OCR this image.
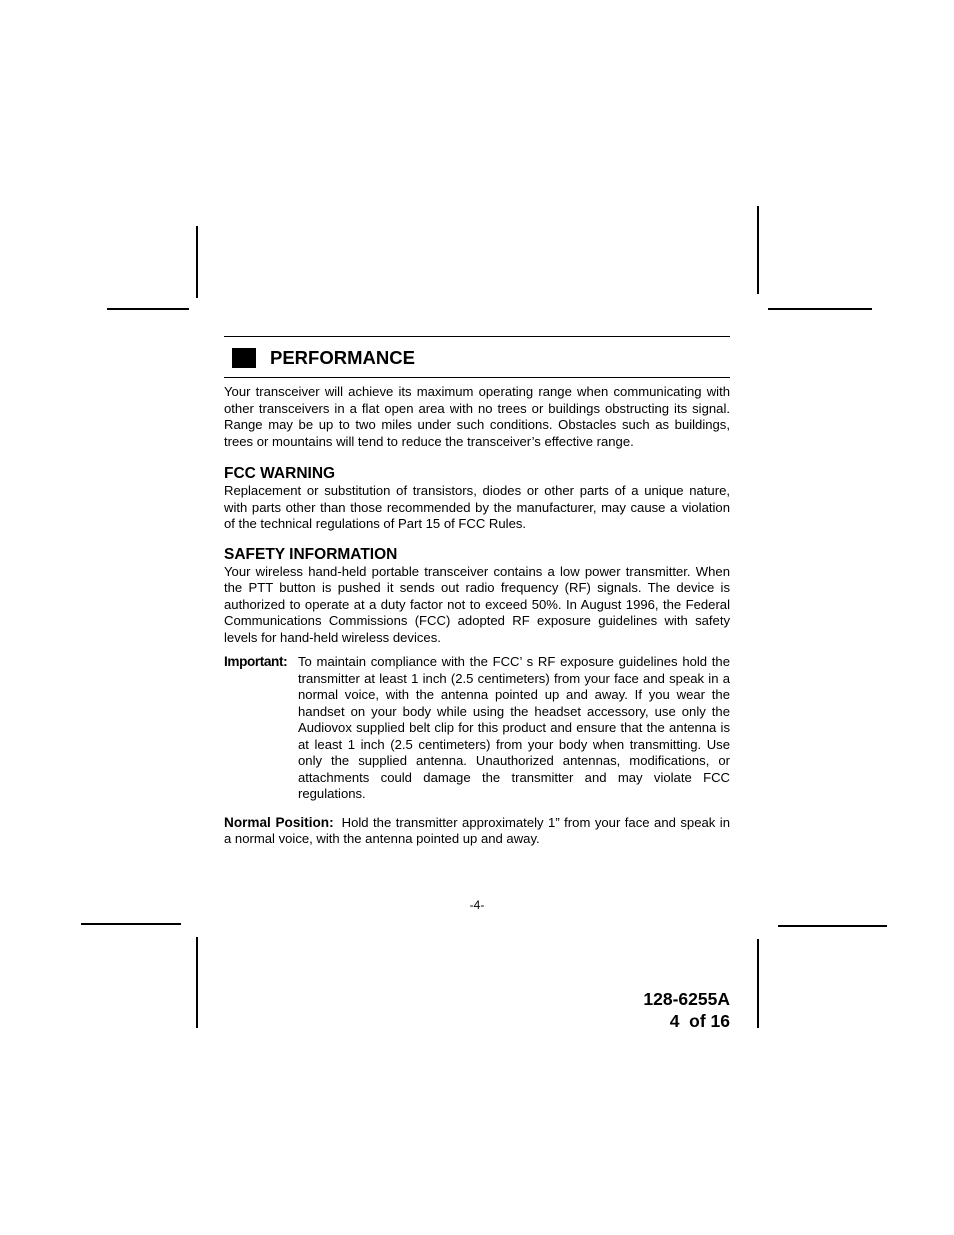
PERFORMANCE

Your transceiver will achieve its maximum operating range when communicating with other transceivers in a flat open area with no trees or buildings obstructing its signal. Range may be up to two miles under such conditions. Obstacles such as buildings, trees or mountains will tend to reduce the transceiver’s effective range.

FCC WARNING

Replacement or substitution of transistors, diodes or other parts of a unique nature, with parts other than those recommended by the manufacturer, may cause a violation of the technical regulations of Part 15 of FCC Rules.

SAFETY INFORMATION

Your wireless hand-held portable transceiver contains a low power transmitter. When the PTT button is pushed it sends out radio frequency (RF) signals. The device is authorized to operate at a duty factor not to exceed 50%. In August 1996, the Federal Communications Commissions (FCC) adopted RF exposure guidelines with safety levels for hand-held wireless devices.

Important: To maintain compliance with the FCC’ s RF exposure guidelines hold the transmitter at least 1 inch (2.5 centimeters) from your face and speak in a normal voice, with the antenna pointed up and away. If you wear the handset on your body while using the headset accessory, use only the Audiovox supplied belt clip for this product and ensure that the antenna is at least 1 inch (2.5 centimeters) from your body when transmitting. Use only the supplied antenna. Unauthorized antennas, modifications, or attachments could damage the transmitter and may violate FCC regulations.

Normal Position: Hold the transmitter approximately 1” from your face and speak in a normal voice, with the antenna pointed up and away.

-4-
128-6255A
4  of 16
